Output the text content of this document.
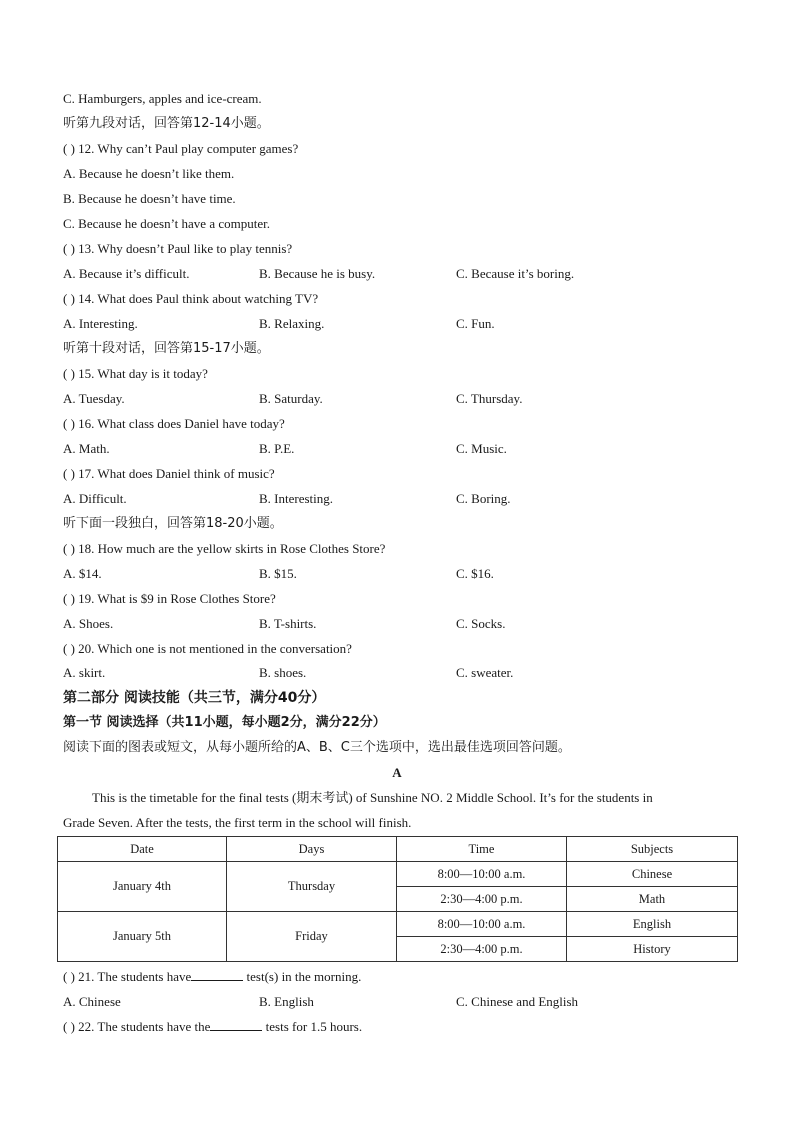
C. Hamburgers, apples and ice-cream.
听第九段对话，回答第12-14小题。
( ) 12. Why can’t Paul play computer games?
A. Because he doesn’t like them.
B. Because he doesn’t have time.
C. Because he doesn’t have a computer.
( ) 13. Why doesn’t Paul like to play tennis?
A. Because it’s difficult.	B. Because he is busy.	C. Because it’s boring.
( ) 14. What does Paul think about watching TV?
A. Interesting.	B. Relaxing.	C. Fun.
听第十段对话，回答第15-17小题。
( ) 15. What day is it today?
A. Tuesday.	B. Saturday.	C. Thursday.
( ) 16. What class does Daniel have today?
A. Math.	B. P.E.	C. Music.
( ) 17. What does Daniel think of music?
A. Difficult.	B. Interesting.	C. Boring.
听下面一段独白，回答第18-20小题。
( ) 18. How much are the yellow skirts in Rose Clothes Store?
A. $14.	B. $15.	C. $16.
( ) 19. What is $9 in Rose Clothes Store?
A. Shoes.	B. T-shirts.	C. Socks.
( ) 20. Which one is not mentioned in the conversation?
A. skirt.	B. shoes.	C. sweater.
第二部分 阅读技能（共三节，满分40分）
第一节 阅读选择（共11小题，每小题2分，满分22分）
阅读下面的图表或短文，从每小题所给的A、B、C三个选项中，选出最佳选项回答问题。
A
This is the timetable for the final tests (期末考试) of Sunshine NO. 2 Middle School. It’s for the students in
Grade Seven. After the tests, the first term in the school will finish.
Date	Days	Time	Subjects
January 4th	Thursday	8:00—10:00 a.m.	Chinese
		2:30—4:00 p.m.	Math
January 5th	Friday	8:00—10:00 a.m.	English
		2:30—4:00 p.m.	History
( ) 21. The students have	test(s) in the morning.
A. Chinese	B. English	C. Chinese and English
( ) 22. The students have the	tests for 1.5 hours.
